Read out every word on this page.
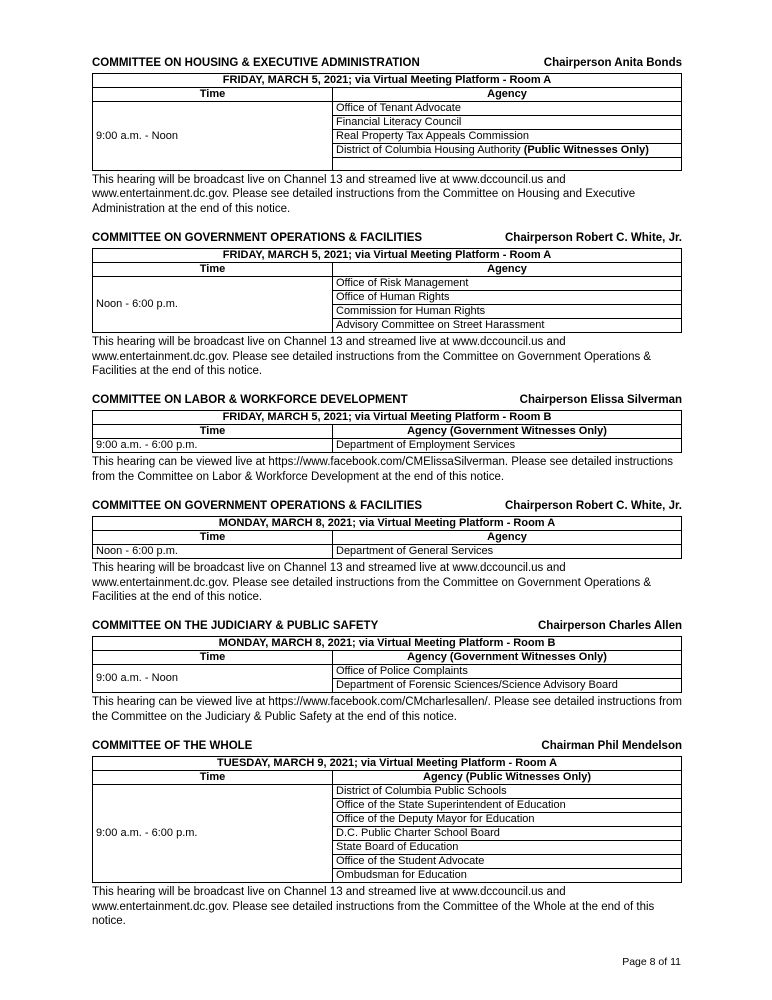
COMMITTEE ON HOUSING & EXECUTIVE ADMINISTRATION	Chairperson Anita Bonds
FRIDAY, MARCH 5, 2021; via Virtual Meeting Platform - Room A	
Time	Agency
9:00 a.m. - Noon	Office of Tenant Advocate
	Financial Literacy Council
	Real Property Tax Appeals Commission
	District of Columbia Housing Authority (Public Witnesses Only)

This hearing will be broadcast live on Channel 13 and streamed live at www.dccouncil.us and www.entertainment.dc.gov. Please see detailed instructions from the Committee on Housing and Executive Administration at the end of this notice.

COMMITTEE ON GOVERNMENT OPERATIONS & FACILITIES	Chairperson Robert C. White, Jr.
FRIDAY, MARCH 5, 2021; via Virtual Meeting Platform - Room A	
Time	Agency
Noon - 6:00 p.m.	Office of Risk Management
	Office of Human Rights
	Commission for Human Rights
	Advisory Committee on Street Harassment

This hearing will be broadcast live on Channel 13 and streamed live at www.dccouncil.us and www.entertainment.dc.gov. Please see detailed instructions from the Committee on Government Operations & Facilities at the end of this notice.

COMMITTEE ON LABOR & WORKFORCE DEVELOPMENT	Chairperson Elissa Silverman
FRIDAY, MARCH 5, 2021; via Virtual Meeting Platform - Room B	
Time	Agency (Government Witnesses Only)
9:00 a.m. - 6:00 p.m.	Department of Employment Services

This hearing can be viewed live at https://www.facebook.com/CMElissaSilverman. Please see detailed instructions from the Committee on Labor & Workforce Development at the end of this notice.

COMMITTEE ON GOVERNMENT OPERATIONS & FACILITIES	Chairperson Robert C. White, Jr.
MONDAY, MARCH 8, 2021; via Virtual Meeting Platform - Room A	
Time	Agency
Noon - 6:00 p.m.	Department of General Services

This hearing will be broadcast live on Channel 13 and streamed live at www.dccouncil.us and www.entertainment.dc.gov. Please see detailed instructions from the Committee on Government Operations & Facilities at the end of this notice.

COMMITTEE ON THE JUDICIARY & PUBLIC SAFETY	Chairperson Charles Allen
MONDAY, MARCH 8, 2021; via Virtual Meeting Platform - Room B	
Time	Agency (Government Witnesses Only)
9:00 a.m. - Noon	Office of Police Complaints
	Department of Forensic Sciences/Science Advisory Board

This hearing can be viewed live at https://www.facebook.com/CMcharlesallen/. Please see detailed instructions from the Committee on the Judiciary & Public Safety at the end of this notice.

COMMITTEE OF THE WHOLE	Chairman Phil Mendelson
TUESDAY, MARCH 9, 2021; via Virtual Meeting Platform - Room A	
Time	Agency (Public Witnesses Only)
9:00 a.m. - 6:00 p.m.	District of Columbia Public Schools
	Office of the State Superintendent of Education
	Office of the Deputy Mayor for Education
	D.C. Public Charter School Board
	State Board of Education
	Office of the Student Advocate
	Ombudsman for Education

This hearing will be broadcast live on Channel 13 and streamed live at www.dccouncil.us and www.entertainment.dc.gov. Please see detailed instructions from the Committee of the Whole at the end of this notice.

Page 8 of 11
